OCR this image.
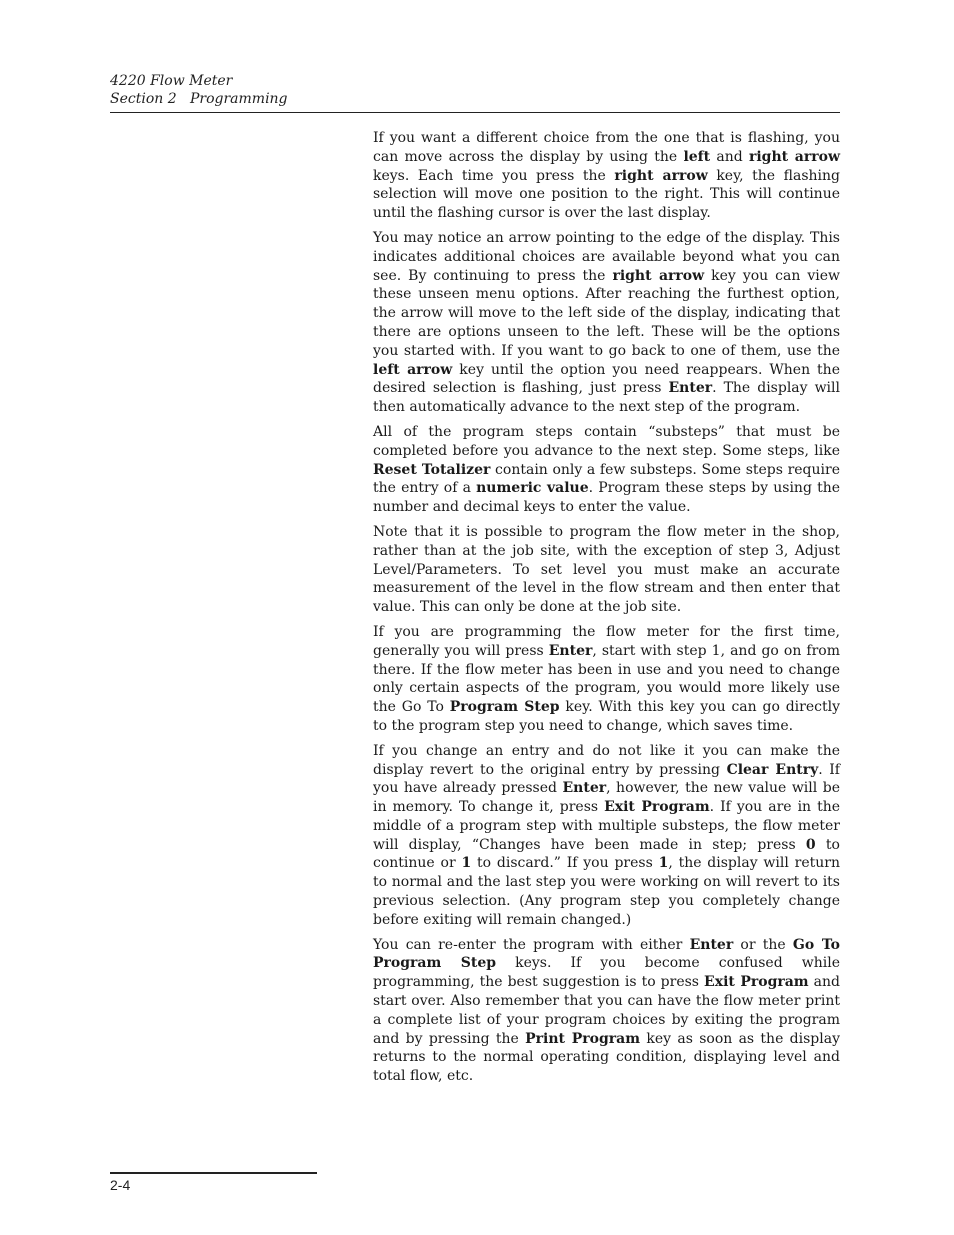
4220 Flow Meter
Section 2   Programming

If you want a different choice from the one that is flashing, you can move across the display by using the left and right arrow keys. Each time you press the right arrow key, the flashing selection will move one position to the right. This will continue until the flashing cursor is over the last display.

You may notice an arrow pointing to the edge of the display. This indicates additional choices are available beyond what you can see. By continuing to press the right arrow key you can view these unseen menu options. After reaching the furthest option, the arrow will move to the left side of the display, indicating that there are options unseen to the left. These will be the options you started with. If you want to go back to one of them, use the left arrow key until the option you need reappears. When the desired selection is flashing, just press Enter. The display will then automatically advance to the next step of the program.

All of the program steps contain “substeps” that must be completed before you advance to the next step. Some steps, like Reset Totalizer contain only a few substeps. Some steps require the entry of a numeric value. Program these steps by using the number and decimal keys to enter the value.

Note that it is possible to program the flow meter in the shop, rather than at the job site, with the exception of step 3, Adjust Level/Parameters. To set level you must make an accurate measurement of the level in the flow stream and then enter that value. This can only be done at the job site.

If you are programming the flow meter for the first time, generally you will press Enter, start with step 1, and go on from there. If the flow meter has been in use and you need to change only certain aspects of the program, you would more likely use the Go To Program Step key. With this key you can go directly to the program step you need to change, which saves time.

If you change an entry and do not like it you can make the display revert to the original entry by pressing Clear Entry. If you have already pressed Enter, however, the new value will be in memory. To change it, press Exit Program. If you are in the middle of a program step with multiple substeps, the flow meter will display, “Changes have been made in step; press 0 to continue or 1 to discard.” If you press 1, the display will return to normal and the last step you were working on will revert to its previous selection. (Any program step you completely change before exiting will remain changed.)

You can re-enter the program with either Enter or the Go To Program Step keys. If you become confused while programming, the best suggestion is to press Exit Program and start over. Also remember that you can have the flow meter print a complete list of your program choices by exiting the program and by pressing the Print Program key as soon as the display returns to the normal operating condition, displaying level and total flow, etc.

2-4
